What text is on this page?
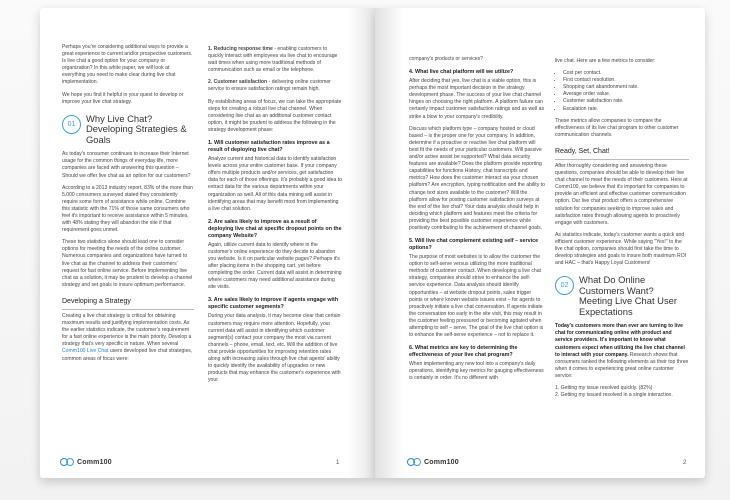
Perhaps you're considering additional ways to provide a great experience to current and/or prospective customers. Is live chat a good option for your company or organization? In this white paper, we will look at everything you need to make clear during live chat implementation.

We hope you find it helpful in your quest to develop or improve your live chat strategy.

01
Why Live Chat? Developing Strategies & Goals

As today's consumer continues to increase their Internet usage for the common things of everyday life, more companies are faced with answering this question – Should we offer live chat as an option for our customers?

According to a 2013 industry report, 83% of the more than 5,000 consumers surveyed stated they consistently require some form of assistance while online. Combine this statistic with the 71% of those same consumers who feel it's important to receive assistance within 5 minutes, with 48% stating they will abandon the site if that requirement goes unmet.

These two statistics alone should lead one to consider options for meeting the needs of the online customer. Numerous companies and organizations have turned to live chat as the channel to address their customers' request for fast online service. Before implementing live chat as a solution, it may be prudent to develop a channel strategy and set goals to insure optimum performance.

Developing a Strategy

Creating a live chat strategy is critical for obtaining maximum results and justifying implementation costs. As the earlier statistics indicate, the customer's requirement for a fast online experience is the main priority. Develop a strategy that's very specific in nature. When several Comm100 Live Chat users developed live chat strategies, common areas of focus were:

1. Reducing response time - enabling customers to quickly interact with employees via live chat to encourage wait times when using more traditional methods of communication such as email or the telephone.

2. Customer satisfaction - delivering online customer service to ensure satisfaction ratings remain high.

By establishing areas of focus, we can take the appropriate steps for creating a robust live chat channel. When considering live chat as an additional customer contact option, it might be prudent to address the following in the strategy development phase:

1. Will customer satisfaction rates improve as a result of deploying live chat?

Analyze current and historical data to identify satisfaction levels across your entire customer base. If your company offers multiple products and/or services, get satisfaction data for each of those offerings. It's probably a good idea to extract data for the various departments within your organization as well. All of this data mining will assist in identifying areas that may benefit most from implementing a live chat solution.

2. Are sales likely to improve as a result of deploying live chat at specific dropout points on the company Website?

Again, utilize current data to identify where in the customer's online experience do they decide to abandon you website. Is it on particular website pages? Perhaps it's after placing items in the shopping cart, yet before completing the order. Current data will assist in determining where customers may need additional assistance during site visits.

3. Are sales likely to improve if agents engage with specific customer segments?

During your data analysis, it may become clear that certain customers may require more attention. Hopefully, your current data will assist in identifying which customer segment(s) contact your company the most via current channels – phone, email, text, etc. Will the addition of live chat provide opportunities for improving retention rates along with increasing sales through live chat agents' ability to quickly identify the availability of upgrades or new products that may enhance the customer's experience with your

Comm100	1

company's products or services?

4. What live chat platform will we utilize?

After deciding that yes, live chat is a viable option, this is perhaps the most important decision in the strategy development phase. The success of your live chat channel hinges on choosing the right platform. A platform failure can certainly impact customer satisfaction ratings and as well as strike a blow to your company's credibility.

Discuss which platform type – company hosted or cloud based – is the proper one for your company. In addition, determine if a proactive or reactive live chat platform will best fit the needs of your particular customers. Will passive and/or active assist be supported? What data security features are available? Does the platform provide reporting capabilities for functions History, chat transcripts and metrics? How does the customer interact via your chosen platform? Are encryption, typing notification and the ability to change text sizes available to the customer? Will the platform allow for posting customer satisfaction surveys at the end of the live chat? Your data analysis should help in deciding which platform and features meet the criteria for providing the best possible customer experience while positively contributing to the achievement of channel goals.

5. Will live chat complement existing self – service options?

The purpose of most websites is to allow the customer the option to self-serve versus utilizing the more traditional methods of customer contact. When developing a live chat strategy, companies should strive to enhance the self-service experience. Data analysis should identify opportunities – at website dropout points, sales trigger points or where known website issues exist – for agents to proactively initiate a live chat conversation. If agents initiate the conversation too early in the site visit, this may result in the customer feeling pressured or becoming agitated when attempting to self – serve. The goal of the live chat option is to enhance the self-serve experience – not to replace it.

6. What metrics are key to determining the effectiveness of your live chat program?

When implementing any new tool into a company's daily operations, identifying key metrics for gauging effectiveness is certainly in order. It's no different with

live chat. Here are a few metrics to consider:

• Cost per contact.
• First contact resolution.
• Shopping cart abandonment rate.
• Average order value.
• Customer satisfaction rate.
• Escalation rate.

These metrics allow companies to compare the effectiveness of its live chat program to other customer communication channels.

Ready, Set, Chat!

After thoroughly considering and answering these questions, companies should be able to develop their live chat channel to meet the needs of their customers. Here at Comm100, we believe that it's important for companies to provide an efficient and effective customer communication option. Our live chat product offers a comprehensive solution for companies seeking to improve sales and satisfaction rates through allowing agents to proactively engage with customers.

As statistics indicate, today's customer wants a quick and efficient customer experience. While saying "Yes!" to the live chat option, companies should first take the time to develop strategies and goals to insure both maximum ROI and HAC – that's Happy Loyal Customers!

02
What Do Online Customers Want? Meeting Live Chat User Expectations

Today's customers more than ever are turning to live chat for communicating online with product and service providers. It's important to know what customers expect when utilizing the live chat channel to interact with your company. Research shows that consumers ranked the following elements as their top three when it comes to experiencing great online customer service:

1. Getting my issue resolved quickly. (82%)
2. Getting my issued resolved in a single interaction.
Comm100	2
